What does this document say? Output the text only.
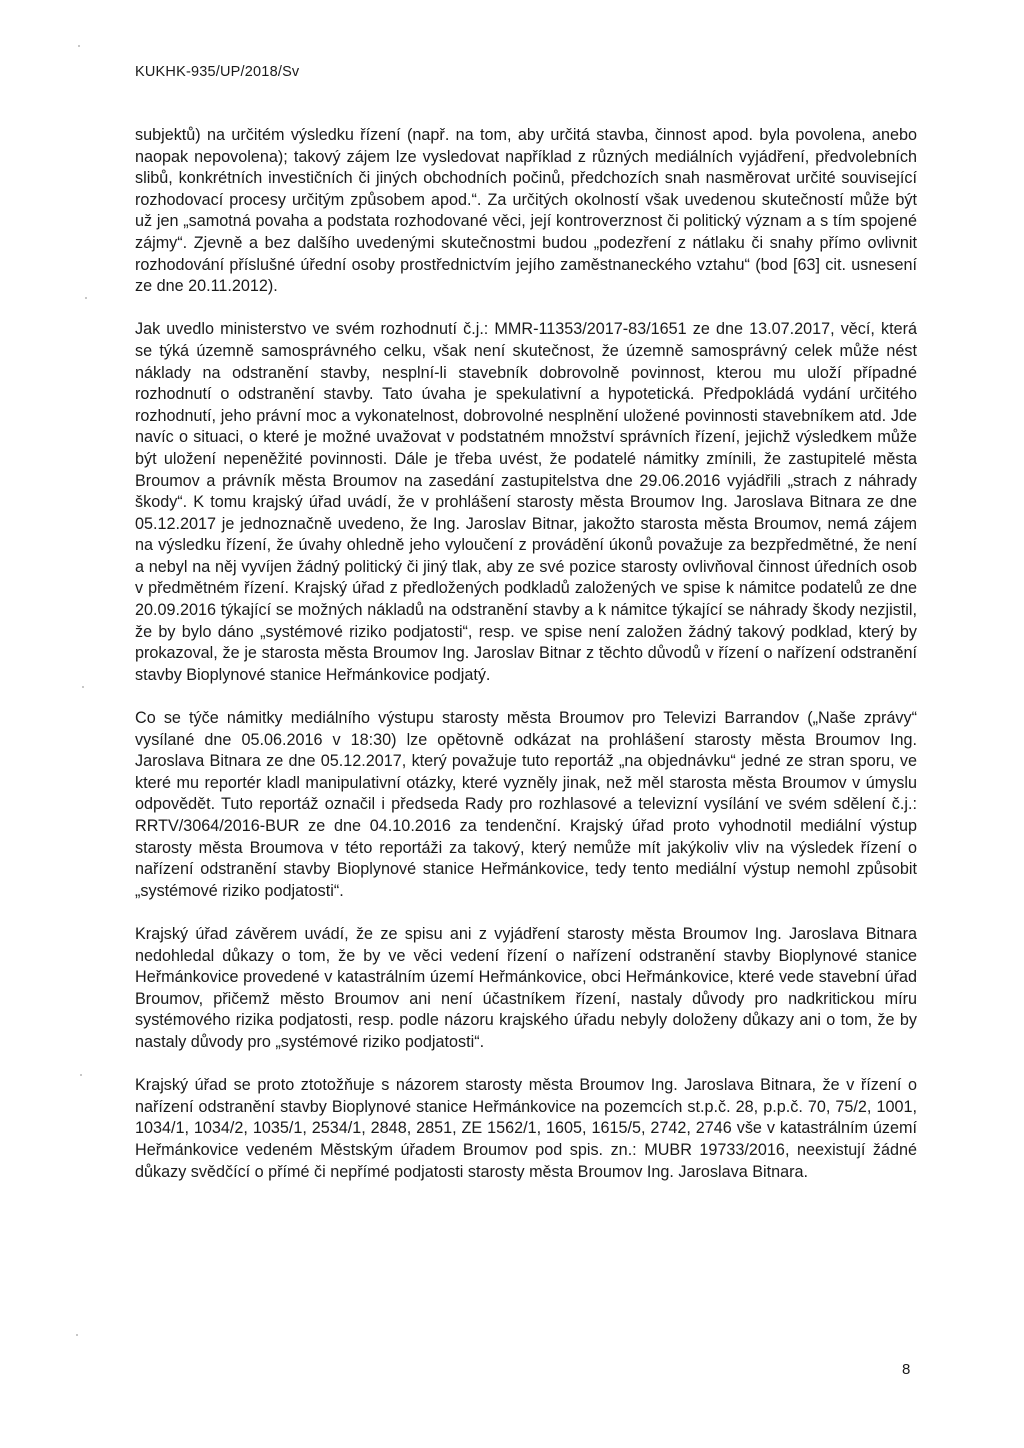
KUKHK-935/UP/2018/Sv

subjektů) na určitém výsledku řízení (např. na tom, aby určitá stavba, činnost apod. byla povolena, anebo naopak nepovolena); takový zájem lze vysledovat například z různých mediálních vyjádření, předvolebních slibů, konkrétních investičních či jiných obchodních počinů, předchozích snah nasměrovat určité související rozhodovací procesy určitým způsobem apod.“. Za určitých okolností však uvedenou skutečností může být už jen „samotná povaha a podstata rozhodované věci, její kontroverznost či politický význam a s tím spojené zájmy“. Zjevně a bez dalšího uvedenými skutečnostmi budou „podezření z nátlaku či snahy přímo ovlivnit rozhodování příslušné úřední osoby prostřednictvím jejího zaměstnaneckého vztahu“ (bod [63] cit. usnesení ze dne 20.11.2012).

Jak uvedlo ministerstvo ve svém rozhodnutí č.j.: MMR-11353/2017-83/1651 ze dne 13.07.2017, věcí, která se týká územně samosprávného celku, však není skutečnost, že územně samosprávný celek může nést náklady na odstranění stavby, nesplní-li stavebník dobrovolně povinnost, kterou mu uloží případné rozhodnutí o odstranění stavby. Tato úvaha je spekulativní a hypotetická. Předpokládá vydání určitého rozhodnutí, jeho právní moc a vykonatelnost, dobrovolné nesplnění uložené povinnosti stavebníkem atd. Jde navíc o situaci, o které je možné uvažovat v podstatném množství správních řízení, jejichž výsledkem může být uložení nepeněžité povinnosti. Dále je třeba uvést, že podatelé námitky zmínili, že zastupitelé města Broumov a právník města Broumov na zasedání zastupitelstva dne 29.06.2016 vyjádřili „strach z náhrady škody“. K tomu krajský úřad uvádí, že v prohlášení starosty města Broumov Ing. Jaroslava Bitnara ze dne 05.12.2017 je jednoznačně uvedeno, že Ing. Jaroslav Bitnar, jakožto starosta města Broumov, nemá zájem na výsledku řízení, že úvahy ohledně jeho vyloučení z provádění úkonů považuje za bezpředmětné, že není a nebyl na něj vyvíjen žádný politický či jiný tlak, aby ze své pozice starosty ovlivňoval činnost úředních osob v předmětném řízení. Krajský úřad z předložených podkladů založených ve spise k námitce podatelů ze dne 20.09.2016 týkající se možných nákladů na odstranění stavby a k námitce týkající se náhrady škody nezjistil, že by bylo dáno „systémové riziko podjatosti“, resp. ve spise není založen žádný takový podklad, který by prokazoval, že je starosta města Broumov Ing. Jaroslav Bitnar z těchto důvodů v řízení o nařízení odstranění stavby Bioplynové stanice Heřmánkovice podjatý.

Co se týče námitky mediálního výstupu starosty města Broumov pro Televizi Barrandov („Naše zprávy“ vysílané dne 05.06.2016 v 18:30) lze opětovně odkázat na prohlášení starosty města Broumov Ing. Jaroslava Bitnara ze dne 05.12.2017, který považuje tuto reportáž „na objednávku“ jedné ze stran sporu, ve které mu reportér kladl manipulativní otázky, které vyzněly jinak, než měl starosta města Broumov v úmyslu odpovědět. Tuto reportáž označil i předseda Rady pro rozhlasové a televizní vysílání ve svém sdělení č.j.: RRTV/3064/2016-BUR ze dne 04.10.2016 za tendenční. Krajský úřad proto vyhodnotil mediální výstup starosty města Broumova v této reportáži za takový, který nemůže mít jakýkoliv vliv na výsledek řízení o nařízení odstranění stavby Bioplynové stanice Heřmánkovice, tedy tento mediální výstup nemohl způsobit „systémové riziko podjatosti“.

Krajský úřad závěrem uvádí, že ze spisu ani z vyjádření starosty města Broumov Ing. Jaroslava Bitnara nedohledal důkazy o tom, že by ve věci vedení řízení o nařízení odstranění stavby Bioplynové stanice Heřmánkovice provedené v katastrálním území Heřmánkovice, obci Heřmánkovice, které vede stavební úřad Broumov, přičemž město Broumov ani není účastníkem řízení, nastaly důvody pro nadkritickou míru systémového rizika podjatosti, resp. podle názoru krajského úřadu nebyly doloženy důkazy ani o tom, že by nastaly důvody pro „systémové riziko podjatosti“.

Krajský úřad se proto ztotožňuje s názorem starosty města Broumov Ing. Jaroslava Bitnara, že v řízení o nařízení odstranění stavby Bioplynové stanice Heřmánkovice na pozemcích st.p.č. 28, p.p.č. 70, 75/2, 1001, 1034/1, 1034/2, 1035/1, 2534/1, 2848, 2851, ZE 1562/1, 1605, 1615/5, 2742, 2746 vše v katastrálním území Heřmánkovice vedeném Městským úřadem Broumov pod spis. zn.: MUBR 19733/2016, neexistují žádné důkazy svědčící o přímé či nepřímé podjatosti starosty města Broumov Ing. Jaroslava Bitnara.

8
